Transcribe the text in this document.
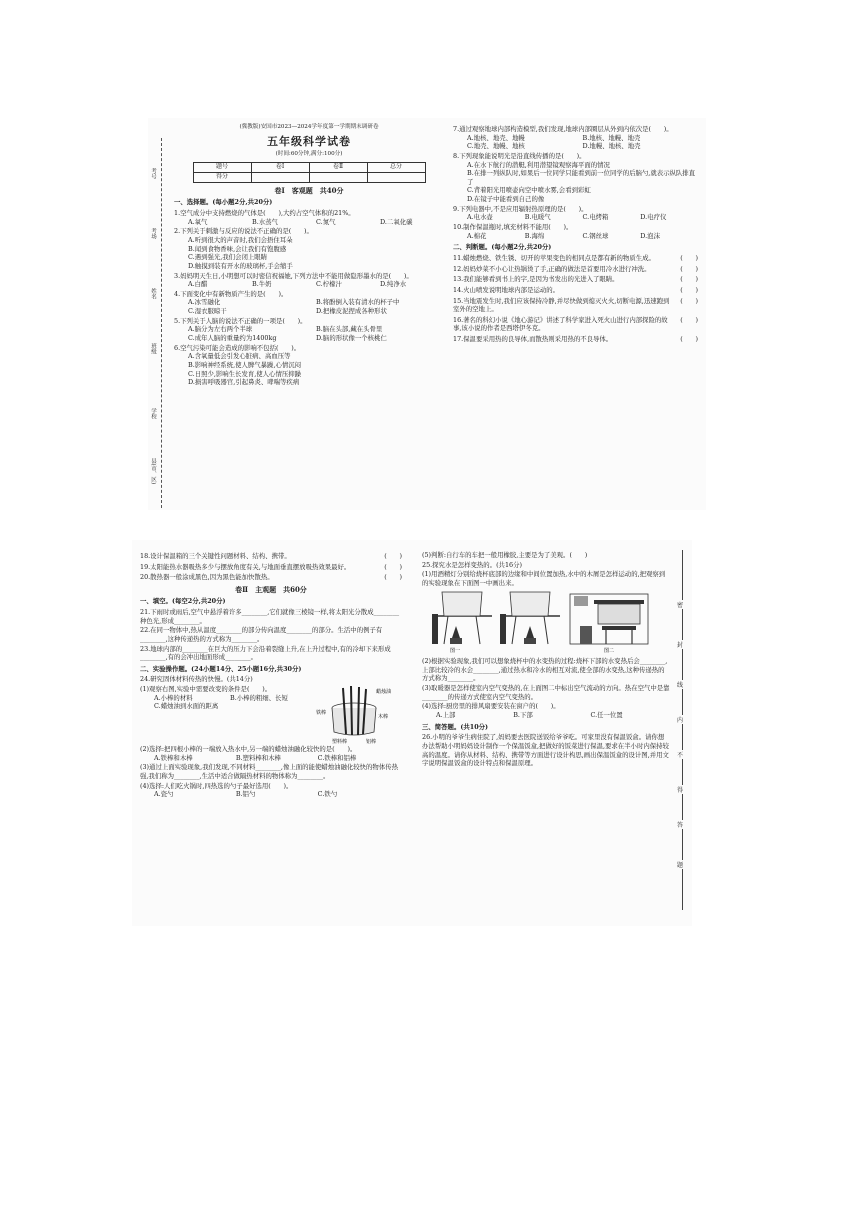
考号
考场
姓名
班级
学校
县(市、区)
(冀教版)安国市2023—2024学年度第一学期期末调研卷
五年级科学试卷
(时间:60分钟,满分:100分)
题号	卷Ⅰ	卷Ⅱ	总分
得分			
卷Ⅰ　客观题　共40分
一、选择题。(每小题2分,共20分)
1.空气成分中支持燃烧的气体是(　　),大约占空气体积的21%。
A.氧气	B.水蒸气	C.氮气	D.二氧化碳
2.下列关于刺激与反应的说法不正确的是(　　)。
A.听到很大的声音时,我们会捂住耳朵
B.闻到食物香味,会让我们有饱腹感
C.遇到强光,我们会闭上眼睛
D.触摸到装有开水的玻璃杯,手会缩手
3.妈妈明天生日,小明想可以时密信祝福她,下列方法中不能用做隐形墨水的是(　　)。
A.白醋	B.牛奶	C.柠檬汁	D.纯净水
4.下面变化中有新物质产生的是(　　)。
A.冰雪融化	B.将酚倒入装有清水的杯子中
C.湿衣服晾干	D.把橡皮泥捏成各种形状
5.下列关于人脑的说法不正确的一项是(　　)。
A.脑分为左右两个半球	B.脑在头部,藏在头骨里
C.成年人脑的重量约为1400kg	D.脑的形状像一个核桃仁
6.空气污染可能会造成的影响不包括(　　)。
A.含氧量低会引发心脏病、高血压等
B.影响神经系统,使人脾气暴躁,心情沉闷
C.日照少,影响生长发育,使人心情压抑躁
D.损害呼吸器官,引起鼻炎、哮喘等疾病
7.通过观察地球内部构造模型,我们发现,地球内部圈层从外到内依次是(　　)。
A.地核、地壳、地幔	B.地核、地幔、地壳
C.地壳、地幔、地核	D.地幔、地核、地壳
8.下列现象能说明光是沿直线传播的是(　　)。
A.在水下航行的潜艇,利用潜望镜观察海平面的情况
B.在排一列纵队时,如果后一位同学只能看到前一位同学的后脑勺,就表示纵队排直了
C.背着阳光用喷壶向空中喷水雾,会看到彩虹
D.在镜子中能看到自己的像
9.下列电器中,不是应用辐射热原理的是(　　)。
A.电水壶	B.电暖气	C.电烤箱	D.电疗仪
10.制作保温瓶时,填充材料不能用(　　)。
A.棉花	B.海绵	C.钢丝球	D.泡沫
二、判断题。(每小题2分,共20分)
11.蜡烛燃烧、铁生锈、切开的苹果变色的相同点是都有新的物质生成。	(　　)
12.妈妈炒菜不小心让热锅烫了手,正确的做法是首要用冷水进行冲洗。	(　　)
13.我们能够看到书上的字,是因为书发出的光进入了眼睛。	(　　)
14.火山喷发说明地球内部是运动的。	(　　)
15.当地震发生时,我们应该保持冷静,并尽快做到熄灭火火,切断电源,迅速跑到室外的空地上。
(　　)
16.著名的科幻小说《地心游记》讲述了科学家进入死火山进行内部探险的故事,该小说的作者是西塔伊冬克。
(　　)
17.保温要采用热的良导体,而散热则采用热的不良导体。	(　　)
18.设计保温箱的三个关键性问题材料、结构、携带。	(　　)
19.太阳能热水器吸热多少与摆放角度有关,与地面垂直摆放吸热效果最好。	(　　)
20.散热器一般涂成黑色,因为黑色能加快散热。	(　　)
卷Ⅱ　主观题　共60分
一、填空。(每空2分,共20分)
21.下雨时或雨后,空气中悬浮着许多________,它们就像三棱镜一样,将太阳光分散成________种色光,形成________。
22.在同一物体中,热从温度________的部分传向温度________的部分。生活中的例子有________,这种传递热的方式称为________。
23.地球内部的________在巨大的压力下会沿着裂缝上升,在上升过程中,有的冷却下来形成________,有的会冲出地面形成________。
二、实验操作题。(24小题14分、25小题16分,共30分)
24.研究固体材料传热的快慢。(共14分)
(1)观察右图,实验中需要改变的条件是(　　)。
A.小棒的材料	B.小棒的粗细、长短
C.蜡烛油到水面的距离
蜡烛油
铁棒
木棒
塑料棒	铝棒
(2)选择:把四根小棒的一端放入热水中,另一端的蜡烛油融化较快的是(　　)。
A.铁棒和木棒	B.塑料棒和木棒	C.铁棒和铝棒
(3)通过上面实验现象,我们发现,不同材料________,像上面的能使蜡烛油融化较快的物体传热强,我们称为________,生活中适合做隔热材料的物体称为________。
(4)选择:人们吃火锅时,四热选的勺子最好选用(　　)。
A.瓷勺	B.铝勺	C.铁勺
(5)判断:自行车的车把一般用橡胶,主要是为了美观。(　　)
25.探究水是怎样变热的。(共16分)
(1)用酒精灯分别给烧杯底部的边缘和中间位置加热,水中的木屑是怎样运动的,把观察到的实验现象在下面图一中画出来。
图一	图二
(2)根据实验现象,我们可以想象烧杯中的水变热的过程:烧杯下部的水变热后会________,上部比较冷的水会________,通过热水和冷水的相互对流,使全部的水变热,这种传递热的方式称为________。
(3)取暖器是怎样使室内空气变热的,在上面图二中标出空气流动的方向。热在空气中是靠________的传递方式使室内空气变热的。
(4)选择:厨房里的排风扇要安装在窗户的(　　)。
A.上部	B.下部	C.任一位置
三、简答题。(共10分)
26.小明的爷爷生病住院了,妈妈要去医院送饭给爷爷吃。可家里没有保温饭盒。请你想办法帮助小明妈妈设计制作一个保温饭盒,把做好的饭菜进行保温,要求在半小时内保持较高的温度。请你从材料、结构、携带等方面进行设计构思,画出保温饭盒的设计图,并用文字说明保温饭盒的设计特点和保温原理。
密
封
线
内
不
得
答
题
